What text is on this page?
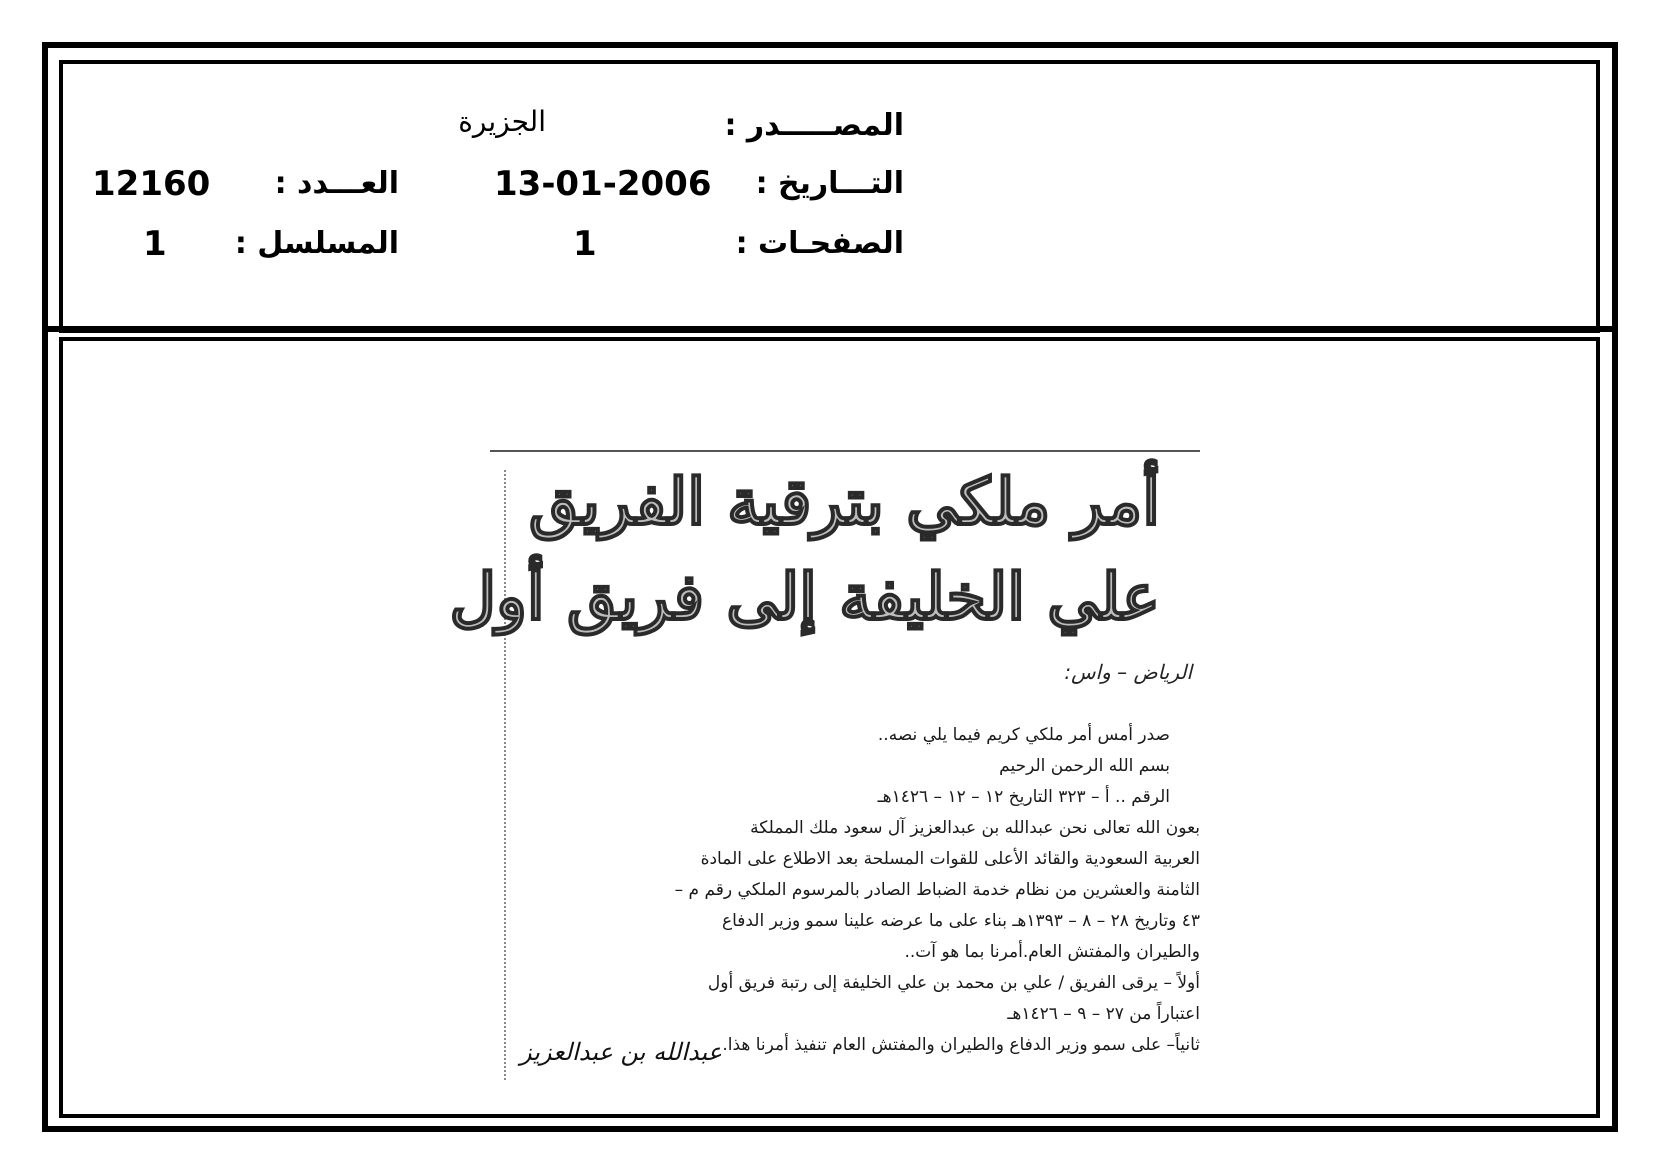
المصـــــدر :
الجزيرة
التـــاريخ :
13-01-2006
العـــدد :
12160
الصفحـات :
1
المسلسل :
1
أمر ملكي بترقية الفريق
علي الخليفة إلى فريق أول
الرياض – واس:
صدر أمس أمر ملكي كريم فيما يلي نصه..
بسم الله الرحمن الرحيم
الرقم .. أ – ٣٢٣ التاريخ ١٢ – ١٢ – ١٤٢٦هـ
بعون الله تعالى نحن عبدالله بن عبدالعزيز آل سعود ملك المملكة
العربية السعودية والقائد الأعلى للقوات المسلحة بعد الاطلاع على المادة
الثامنة والعشرين من نظام خدمة الضباط الصادر بالمرسوم الملكي رقم م –
٤٣ وتاريخ ٢٨ – ٨ – ١٣٩٣هـ بناء على ما عرضه علينا سمو وزير الدفاع
والطيران والمفتش العام.أمرنا بما هو آت..
أولاً – يرقى الفريق / علي بن محمد بن علي الخليفة إلى رتبة فريق أول
اعتباراً من ٢٧ – ٩ – ١٤٢٦هـ
ثانياً– على سمو وزير الدفاع والطيران والمفتش العام تنفيذ أمرنا هذا.
عبدالله بن عبدالعزيز
